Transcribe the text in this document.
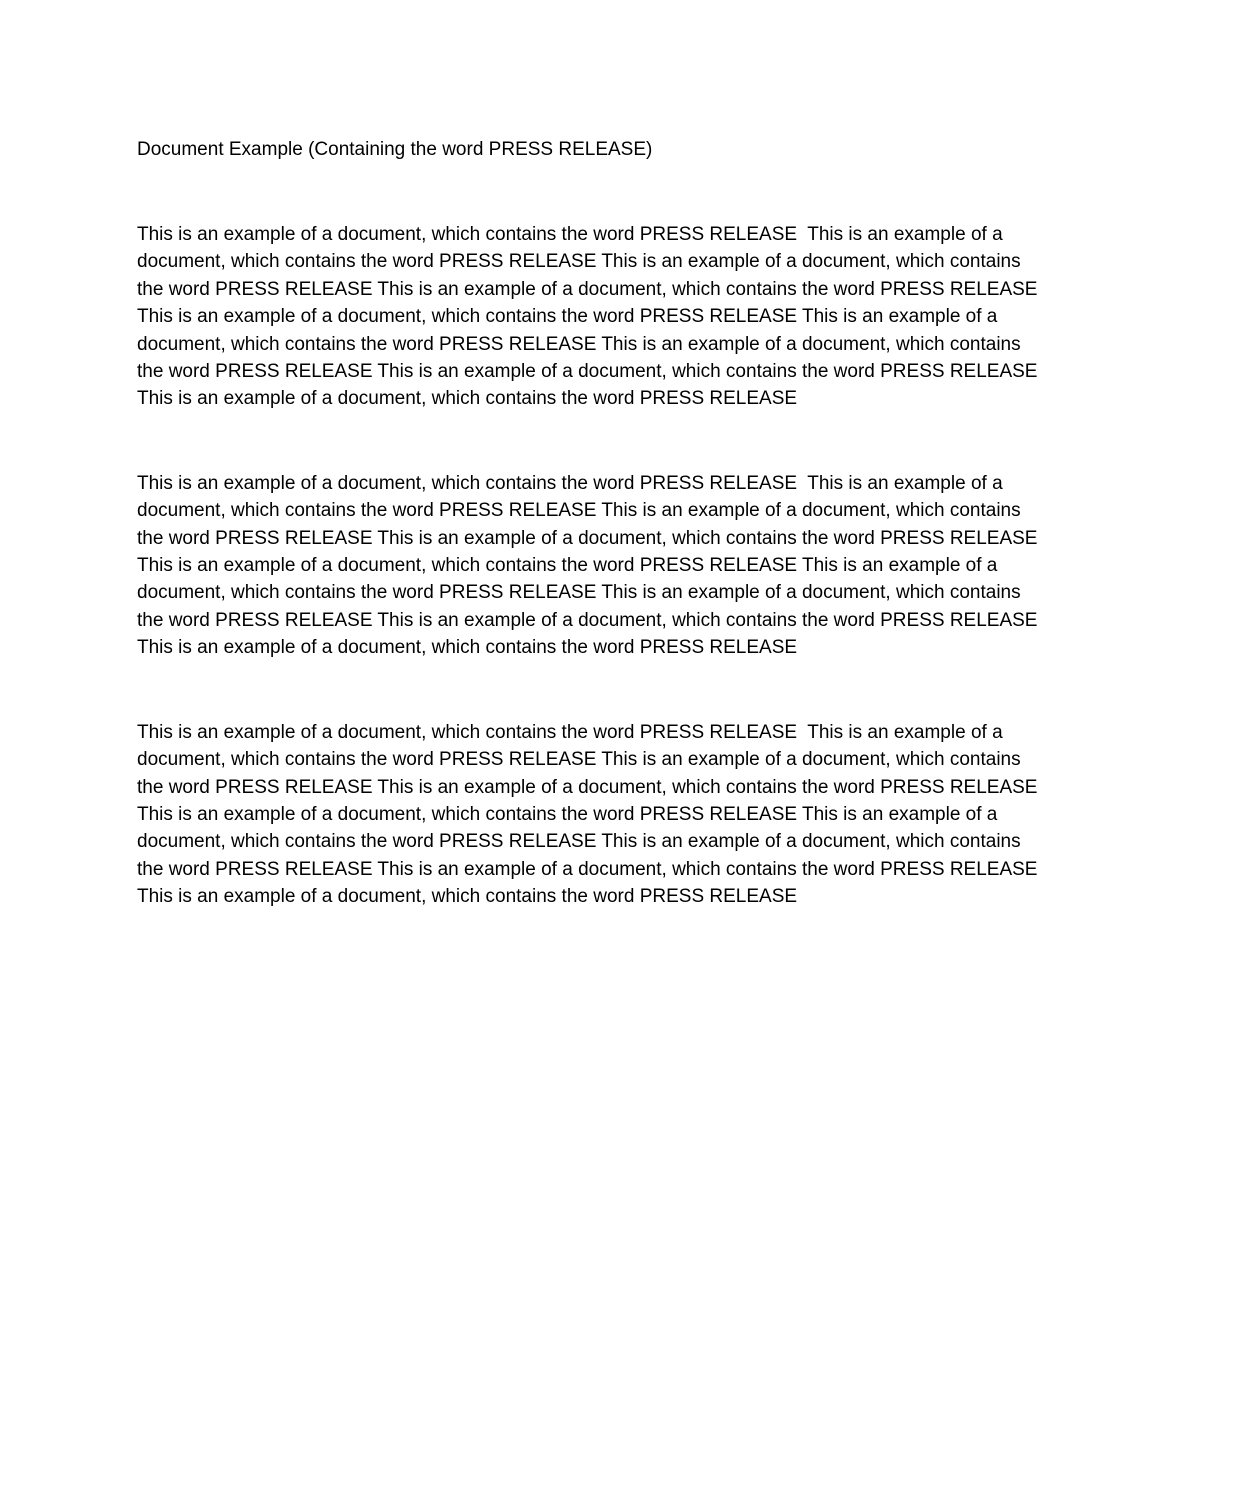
Document Example (Containing the word PRESS RELEASE)

This is an example of a document, which contains the word PRESS RELEASE  This is an example of a
document, which contains the word PRESS RELEASE This is an example of a document, which contains
the word PRESS RELEASE This is an example of a document, which contains the word PRESS RELEASE
This is an example of a document, which contains the word PRESS RELEASE This is an example of a
document, which contains the word PRESS RELEASE This is an example of a document, which contains
the word PRESS RELEASE This is an example of a document, which contains the word PRESS RELEASE
This is an example of a document, which contains the word PRESS RELEASE

This is an example of a document, which contains the word PRESS RELEASE  This is an example of a
document, which contains the word PRESS RELEASE This is an example of a document, which contains
the word PRESS RELEASE This is an example of a document, which contains the word PRESS RELEASE
This is an example of a document, which contains the word PRESS RELEASE This is an example of a
document, which contains the word PRESS RELEASE This is an example of a document, which contains
the word PRESS RELEASE This is an example of a document, which contains the word PRESS RELEASE
This is an example of a document, which contains the word PRESS RELEASE

This is an example of a document, which contains the word PRESS RELEASE  This is an example of a
document, which contains the word PRESS RELEASE This is an example of a document, which contains
the word PRESS RELEASE This is an example of a document, which contains the word PRESS RELEASE
This is an example of a document, which contains the word PRESS RELEASE This is an example of a
document, which contains the word PRESS RELEASE This is an example of a document, which contains
the word PRESS RELEASE This is an example of a document, which contains the word PRESS RELEASE
This is an example of a document, which contains the word PRESS RELEASE
